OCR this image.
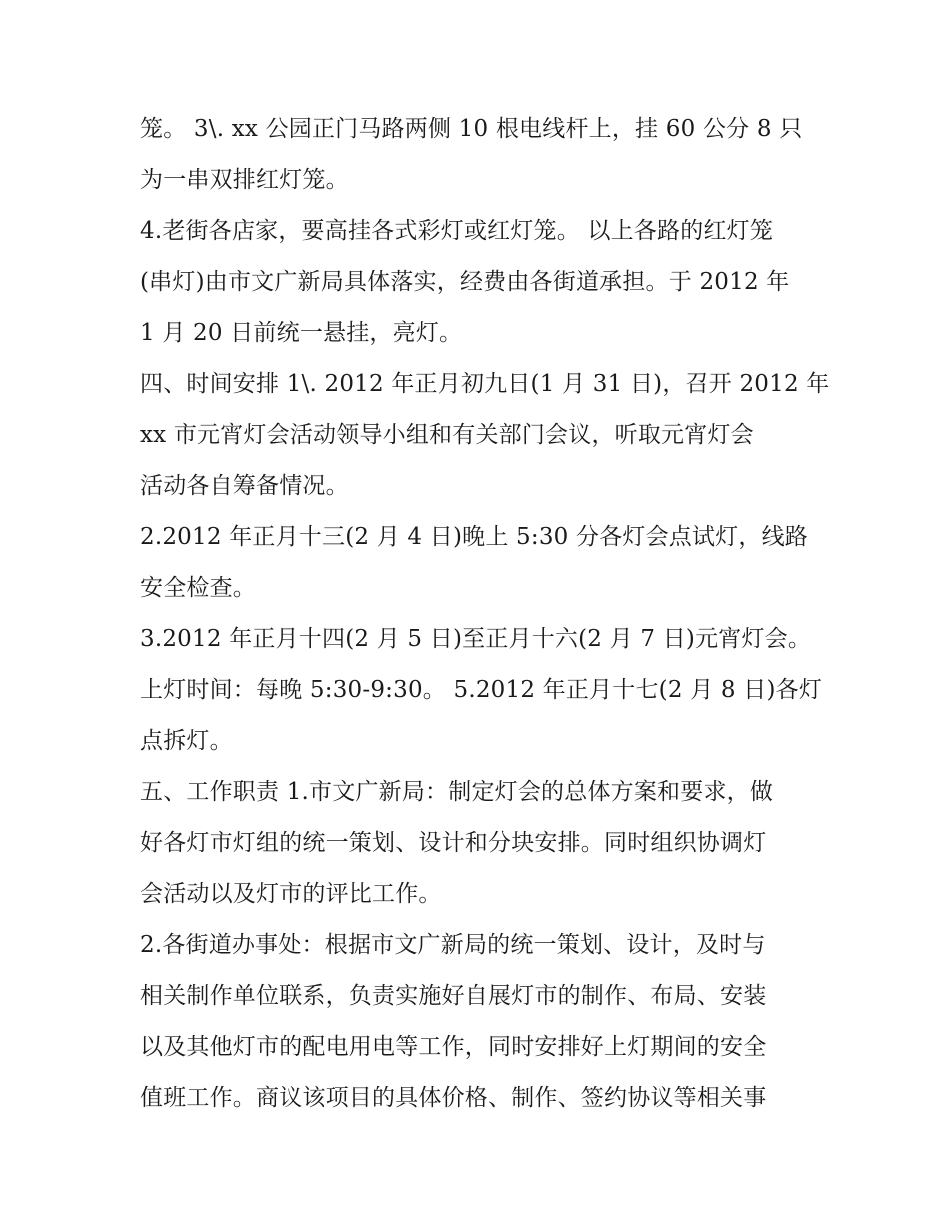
笼。 3\. xx 公园正门马路两侧 10 根电线杆上，挂 60 公分 8 只
为一串双排红灯笼。
4.老街各店家，要高挂各式彩灯或红灯笼。 以上各路的红灯笼
(串灯)由市文广新局具体落实，经费由各街道承担。于 2012 年
1 月 20 日前统一悬挂，亮灯。
四、时间安排 1\. 2012 年正月初九日(1 月 31 日)，召开 2012 年
xx 市元宵灯会活动领导小组和有关部门会议，听取元宵灯会
活动各自筹备情况。
2.2012 年正月十三(2 月 4 日)晚上 5:30 分各灯会点试灯，线路
安全检查。
3.2012 年正月十四(2 月 5 日)至正月十六(2 月 7 日)元宵灯会。
上灯时间：每晚 5:30-9:30。 5.2012 年正月十七(2 月 8 日)各灯
点拆灯。
五、工作职责 1.市文广新局：制定灯会的总体方案和要求，做
好各灯市灯组的统一策划、设计和分块安排。同时组织协调灯
会活动以及灯市的评比工作。
2.各街道办事处：根据市文广新局的统一策划、设计，及时与
相关制作单位联系，负责实施好自展灯市的制作、布局、安装
以及其他灯市的配电用电等工作，同时安排好上灯期间的安全
值班工作。商议该项目的具体价格、制作、签约协议等相关事
